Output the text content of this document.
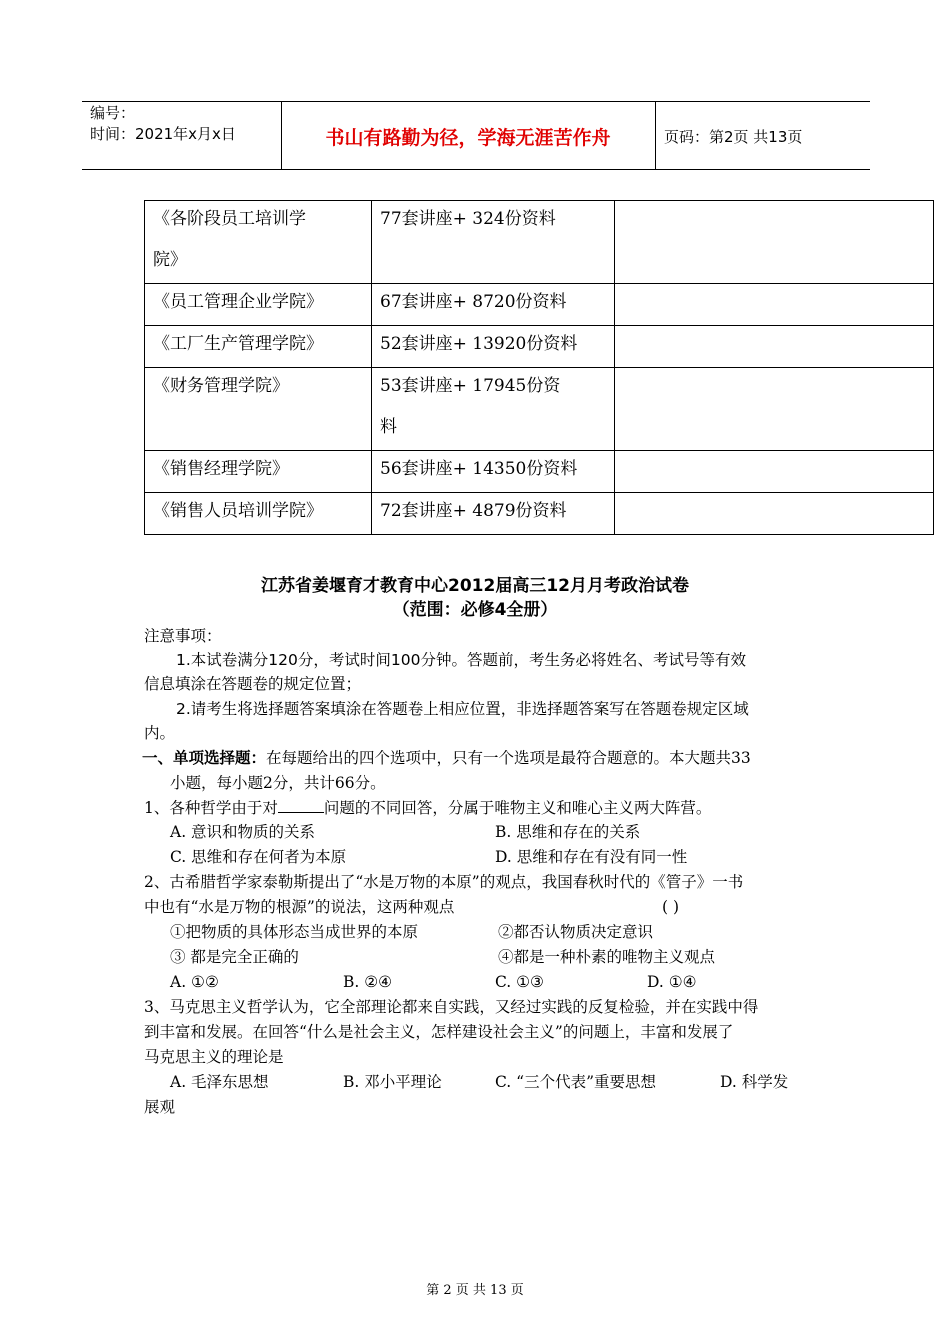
编号：
时间：2021年x月x日	书山有路勤为径，学海无涯苦作舟	页码：第2页 共13页
《各阶段员工培训学
院》	77套讲座+ 324份资料	

《员工管理企业学院》	67套讲座+ 8720份资料	

《工厂生产管理学院》	52套讲座+ 13920份资料	

《财务管理学院》	53套讲座+ 17945份资
料	

《销售经理学院》	56套讲座+ 14350份资料	

《销售人员培训学院》	72套讲座+ 4879份资料	

江苏省姜堰育才教育中心2012届高三12月月考政治试卷
（范围：必修4全册）
注意事项：
1.本试卷满分120分，考试时间100分钟。答题前，考生务必将姓名、考试号等有效
信息填涂在答题卷的规定位置；
2.请考生将选择题答案填涂在答题卷上相应位置，非选择题答案写在答题卷规定区域
内。
一、单项选择题：在每题给出的四个选项中，只有一个选项是最符合题意的。本大题共33
小题，每小题2分，共计66分。
1、各种哲学由于对	问题的不同回答，分属于唯物主义和唯心主义两大阵营。
A. 意识和物质的关系	B. 思维和存在的关系
C. 思维和存在何者为本原	D. 思维和存在有没有同一性
2、古希腊哲学家泰勒斯提出了“水是万物的本原”的观点，我国春秋时代的《管子》一书
中也有“水是万物的根源”的说法，这两种观点	( )
①把物质的具体形态当成世界的本原	②都否认物质决定意识
③ 都是完全正确的	④都是一种朴素的唯物主义观点
A. ①②	B. ②④	C. ①③	D. ①④
3、马克思主义哲学认为，它全部理论都来自实践，又经过实践的反复检验，并在实践中得
到丰富和发展。在回答“什么是社会主义，怎样建设社会主义”的问题上，丰富和发展了
马克思主义的理论是
A. 毛泽东思想	B. 邓小平理论	C. “三个代表”重要思想	D. 科学发
展观
第 2 页 共 13 页
